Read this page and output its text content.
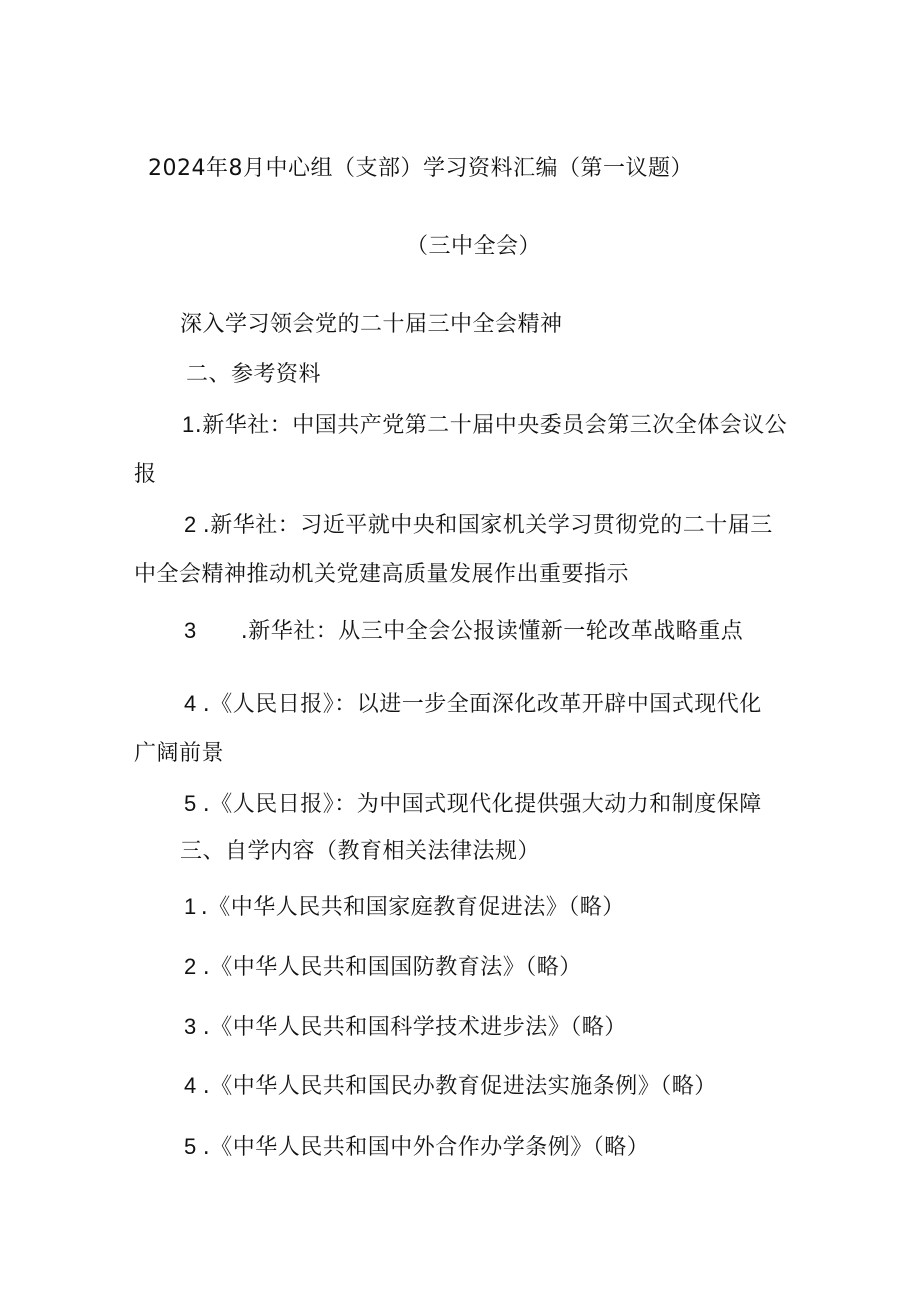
2024年8月中心组（支部）学习资料汇编（第一议题）
（三中全会）
深入学习领会党的二十届三中全会精神
二、参考资料
1.新华社：中国共产党第二十届中央委员会第三次全体会议公
报
2 .新华社：习近平就中央和国家机关学习贯彻党的二十届三
中全会精神推动机关党建高质量发展作出重要指示
3 .新华社：从三中全会公报读懂新一轮改革战略重点
4 .《人民日报》：以进一步全面深化改革开辟中国式现代化
广阔前景
5 .《人民日报》：为中国式现代化提供强大动力和制度保障
三、自学内容（教育相关法律法规）
1 .《中华人民共和国家庭教育促进法》（略）
2 .《中华人民共和国国防教育法》（略）
3 .《中华人民共和国科学技术进步法》（略）
4 .《中华人民共和国民办教育促进法实施条例》（略）
5 .《中华人民共和国中外合作办学条例》（略）
